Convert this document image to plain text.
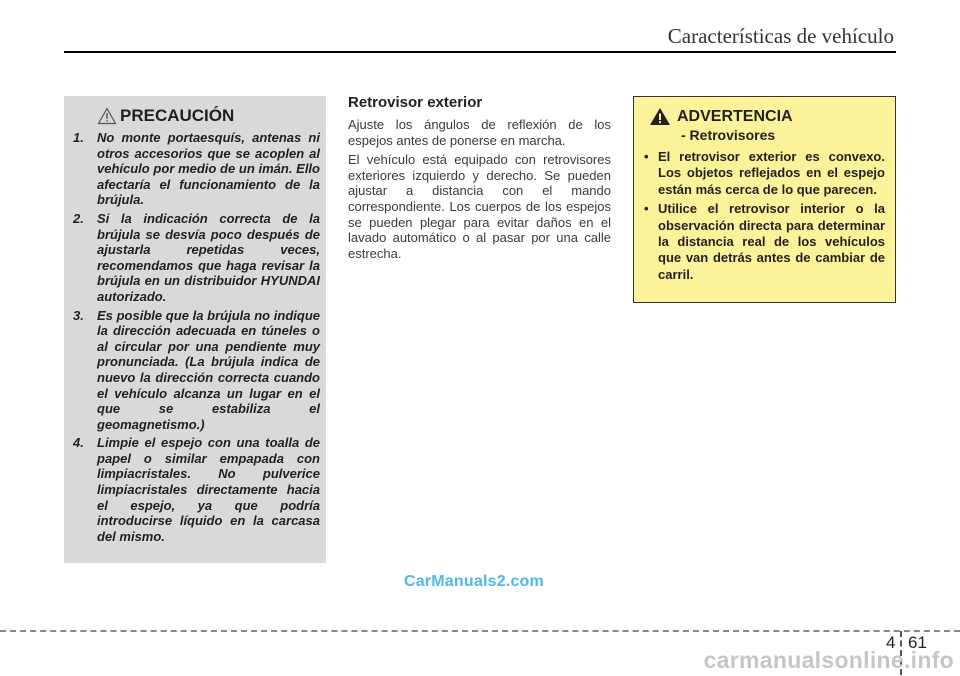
Características de vehículo
PRECAUCIÓN
1. No monte portaesquís, antenas ni otros accesorios que se acoplen al vehículo por medio de un imán. Ello afectaría el funcionamiento de la brújula.
2. Si la indicación correcta de la brújula se desvía poco después de ajustarla repetidas veces, recomendamos que haga revisar la brújula en un distribuidor HYUNDAI autorizado.
3. Es posible que la brújula no indique la dirección adecuada en túneles o al circular por una pendiente muy pronunciada. (La brújula indica de nuevo la dirección correcta cuando el vehículo alcanza un lugar en el que se estabiliza el geomagnetismo.)
4. Limpie el espejo con una toalla de papel o similar empapada con limpiacristales. No pulverice limpiacristales directamente hacia el espejo, ya que podría introducirse líquido en la carcasa del mismo.
Retrovisor exterior

Ajuste los ángulos de reflexión de los espejos antes de ponerse en marcha.

El vehículo está equipado con retrovisores exteriores izquierdo y derecho. Se pueden ajustar a distancia con el mando correspondiente. Los cuerpos de los espejos se pueden plegar para evitar daños en el lavado automático o al pasar por una calle estrecha.

ADVERTENCIA
- Retrovisores
• El retrovisor exterior es convexo. Los objetos reflejados en el espejo están más cerca de lo que parecen.
• Utilice el retrovisor interior o la observación directa para determinar la distancia real de los vehículos que van detrás antes de cambiar de carril.
CarManuals2.com
4 61
carmanualsonline.info
